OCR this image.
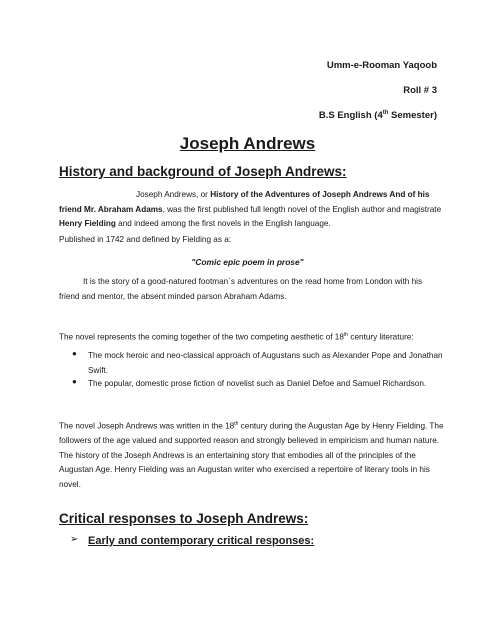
Umm-e-Rooman Yaqoob
Roll # 3
B.S English (4th Semester)
Joseph Andrews
History and background of Joseph Andrews:
Joseph Andrews, or History of the Adventures of Joseph Andrews And of his friend Mr. Abraham Adams, was the first published full length novel of the English author and magistrate Henry Fielding and indeed among the first novels in the English language.
Published in 1742 and defined by Fielding as a:
"Comic epic poem in prose"
It is the story of a good-natured footman`s adventures on the read home from London with his friend and mentor, the absent minded parson Abraham Adams.
The novel represents the coming together of the two competing aesthetic of 18th century literature:
● The mock heroic and neo-classical approach of Augustans such as Alexander Pope and Jonathan Swift.
● The popular, domestic prose fiction of novelist such as Daniel Defoe and Samuel Richardson.
The novel Joseph Andrews was written in the 18th century during the Augustan Age by Henry Fielding. The followers of the age valued and supported reason and strongly believed in empiricism and human nature. The history of the Joseph Andrews is an entertaining story that embodies all of the principles of the Augustan Age. Henry Fielding was an Augustan writer who exercised a repertoire of literary tools in his novel.
Critical responses to Joseph Andrews:
➢ Early and contemporary critical responses:
